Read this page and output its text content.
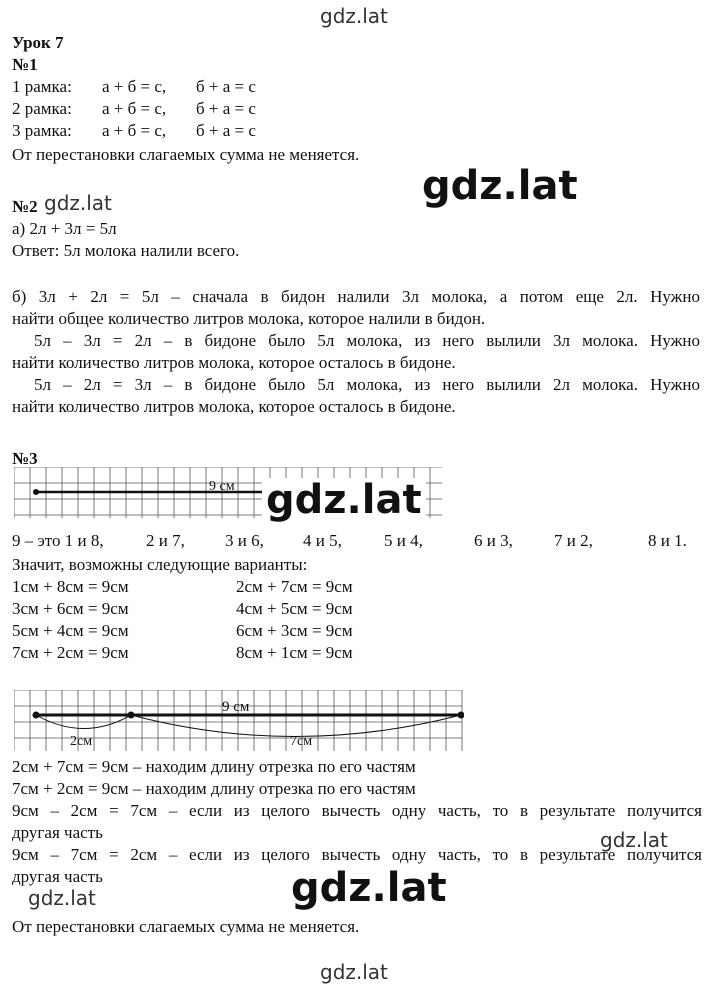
gdz.lat
gdz.lat
Урок 7
№1
1 рамка: а + б = с, б + а = с
2 рамка: а + б = с, б + а = с
3 рамка: а + б = с, б + а = с
От перестановки слагаемых сумма не меняется.
№2 gdz.lat
а) 2л + 3л = 5л
Ответ: 5л молока налили всего.
б) 3л + 2л = 5л – сначала в бидон налили 3л молока, а потом еще 2л. Нужно
найти общее количество литров молока, которое налили в бидон.
5л – 3л = 2л – в бидоне было 5л молока, из него вылили 3л молока. Нужно
найти количество литров молока, которое осталось в бидоне.
5л – 2л = 3л – в бидоне было 5л молока, из него вылили 2л молока. Нужно
найти количество литров молока, которое осталось в бидоне.
№3
9 см gdz.lat
9 – это 1 и 8, 2 и 7, 3 и 6, 4 и 5, 5 и 4,	6 и 3, 7 и 2,	8 и 1.
Значит, возможны следующие варианты:
1см + 8см = 9см	2см + 7см = 9см
3см + 6см = 9см	4см + 5см = 9см
5см + 4см = 9см	6см + 3см = 9см
7см + 2см = 9см	8см + 1см = 9см
9 см
2см	7см
2см + 7см = 9см – находим длину отрезка по его частям
7см + 2см = 9см – находим длину отрезка по его частям
9см – 2см = 7см – если из целого вычесть одну часть, то в результате получится
другая часть
9см – 7см = 2см – если из целого вычесть одну часть, то в результате получится
другая часть
gdz.lat
gdz.lat
gdz.lat
От перестановки слагаемых сумма не меняется.
gdz.lat
